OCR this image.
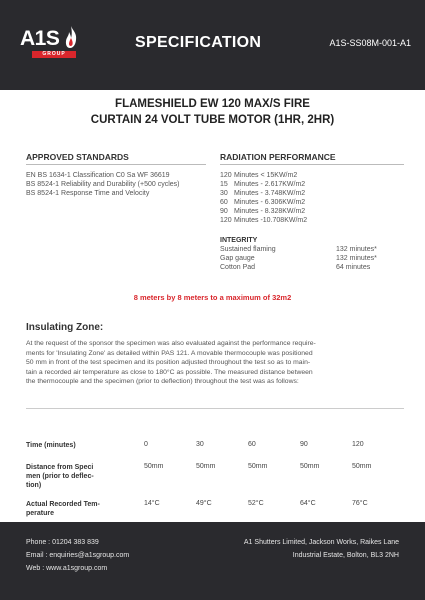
A1S
GROUP
SPECIFICATION	A1S-SS08M-001-A1
FLAMESHIELD EW 120 MAX/S FIRE
CURTAIN 24 VOLT TUBE MOTOR (1HR, 2HR)
APPROVED STANDARDS
EN BS 1634-1 Classification C0 Sa WF 36619
BS 8524-1 Reliability and Durability (+500 cycles)
BS 8524-1 Response Time and Velocity
RADIATION PERFORMANCE
120 Minutes < 15KW/m2
15 Minutes - 2.617KW/m2
30 Minutes - 3.748KW/m2
60 Minutes - 6.306KW/m2
90 Minutes - 8.328KW/m2
120 Minutes -10.708KW/m2
INTEGRITY
Sustained flaming	132 minutes*
Gap gauge	132 minutes*
Cotton Pad	64 minutes
8 meters by 8 meters to a maximum of 32m2
Insulating Zone:
At the request of the sponsor the specimen was also evaluated against the performance require-
ments for 'Insulating Zone' as detailed within PAS 121. A movable thermocouple was positioned
50 mm in front of the test specimen and its position adjusted throughout the test so as to main-
tain a recorded air temperature as close to 180°C as possible. The measured distance between
the thermocouple and the specimen (prior to deflection) throughout the test was as follows:
Time (minutes)	0	30	60	90	120
Distance from Speci
men (prior to deflec-
tion)
50mm	50mm	50mm	50mm	50mm
Actual Recorded Tem-
perature
14°C	49°C	52°C	64°C	76°C
Phone : 01204 383 839
Email : enquiries@a1sgroup.com
Web : www.a1sgroup.com
A1 Shutters Limited, Jackson Works, Raikes Lane
Industrial Estate, Bolton, BL3 2NH
